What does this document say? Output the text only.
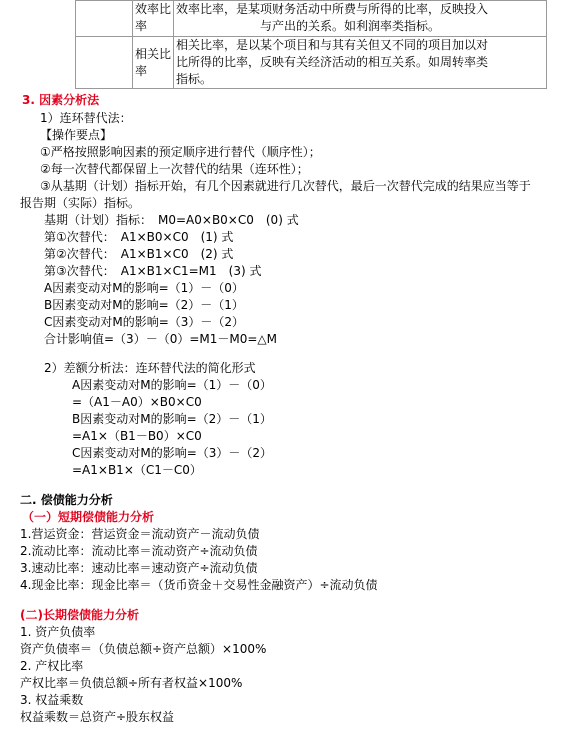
	效率比率	效率比率，是某项财务活动中所费与所得的比率，反映投入
与产出的关系。如利润率类指标。

	相关比率	相关比率，是以某个项目和与其有关但又不同的项目加以对
比所得的比率，反映有关经济活动的相互关系。如周转率类
指标。
3. 因素分析法
1）连环替代法：
【操作要点】
①严格按照影响因素的预定顺序进行替代（顺序性）；
②每一次替代都保留上一次替代的结果（连环性）；
③从基期（计划）指标开始，有几个因素就进行几次替代，最后一次替代完成的结果应当等于
报告期（实际）指标。
基期（计划）指标：　M0=A0×B0×C0　(0) 式
第①次替代：　A1×B0×C0　(1) 式
第②次替代：　A1×B1×C0　(2) 式
第③次替代：　A1×B1×C1=M1　(3) 式
A因素变动对M的影响=（1）－（0）
B因素变动对M的影响=（2）－（1）
C因素变动对M的影响=（3）－（2）
合计影响值=（3）－（0）=M1－M0=△M
2）差额分析法：连环替代法的简化形式
A因素变动对M的影响=（1）－（0）
=（A1－A0）×B0×C0
B因素变动对M的影响=（2）－（1）
=A1×（B1－B0）×C0
C因素变动对M的影响=（3）－（2）
=A1×B1×（C1－C0）
二. 偿债能力分析
（一）短期偿债能力分析
1.营运资金：营运资金＝流动资产－流动负债
2.流动比率：流动比率＝流动资产÷流动负债
3.速动比率：速动比率＝速动资产÷流动负债
4.现金比率：现金比率＝（货币资金＋交易性金融资产）÷流动负债
(二)长期偿债能力分析
1. 资产负债率
资产负债率＝（负债总额÷资产总额）×100%
2. 产权比率
产权比率＝负债总额÷所有者权益×100%
3. 权益乘数
权益乘数＝总资产÷股东权益
